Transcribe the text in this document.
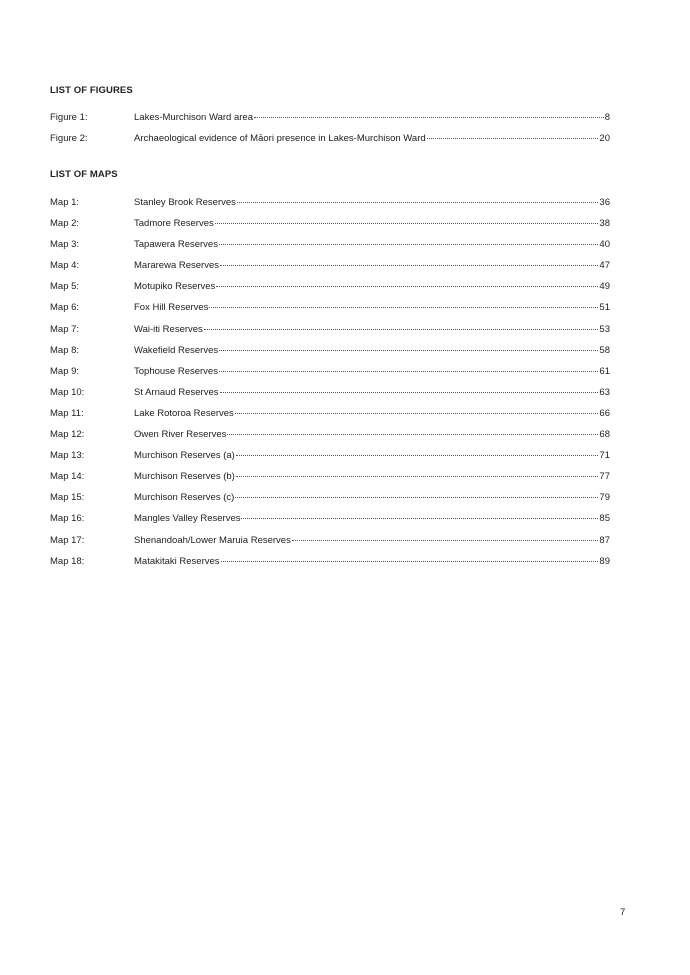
LIST OF FIGURES
Figure 1:	Lakes-Murchison Ward area	8
Figure 2:	Archaeological evidence of Māori presence in Lakes-Murchison Ward	20
LIST OF MAPS
Map 1:	Stanley Brook Reserves	36
Map 2:	Tadmore Reserves	38
Map 3:	Tapawera Reserves	40
Map 4:	Mararewa Reserves	47
Map 5:	Motupiko Reserves	49
Map 6:	Fox Hill Reserves	51
Map 7:	Wai-iti Reserves	53
Map 8:	Wakefield Reserves	58
Map 9:	Tophouse Reserves	61
Map 10:	St Arnaud Reserves	63
Map 11:	Lake Rotoroa Reserves	66
Map 12:	Owen River Reserves	68
Map 13:	Murchison Reserves (a)	71
Map 14:	Murchison Reserves (b)	77
Map 15:	Murchison Reserves (c)	79
Map 16:	Mangles Valley Reserves	85
Map 17:	Shenandoah/Lower Maruia Reserves	87
Map 18:	Matakitaki Reserves	89
7
